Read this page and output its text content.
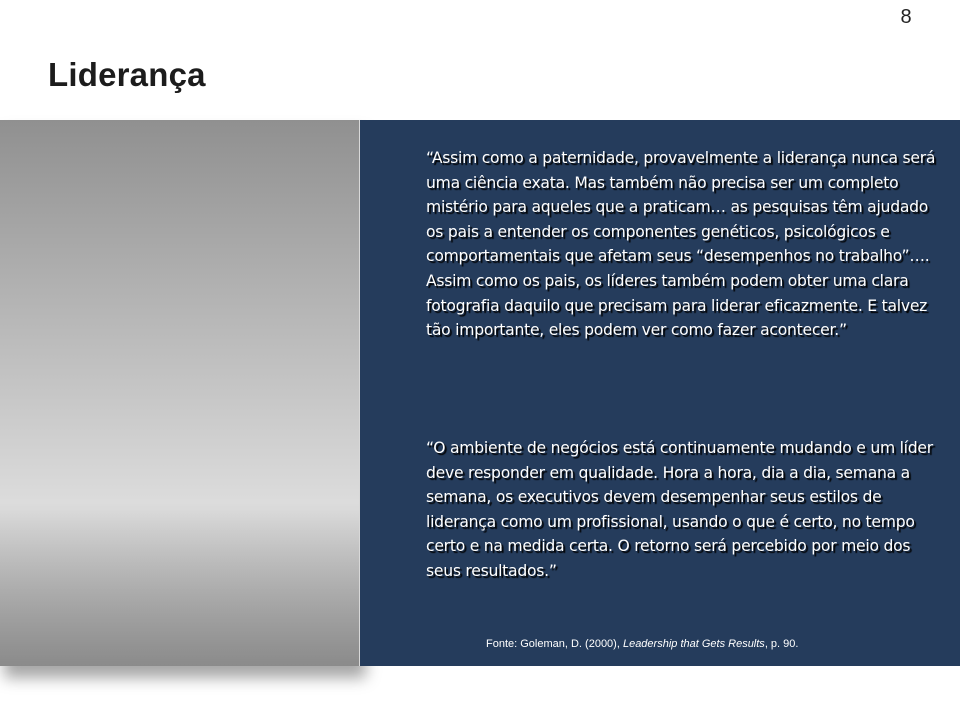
8
Liderança
“Assim como a paternidade, provavelmente a liderança nunca será uma ciência exata. Mas também não precisa ser um completo mistério para aqueles que a praticam… as pesquisas têm ajudado os pais a entender os componentes genéticos, psicológicos e comportamentais que afetam seus “desempenhos no trabalho”…. Assim como os pais, os líderes também podem obter uma clara fotografia daquilo que precisam para liderar eficazmente. E talvez tão importante, eles podem ver como fazer acontecer.”
“O ambiente de negócios está continuamente mudando e um líder deve responder em qualidade. Hora a hora, dia a dia, semana a semana, os executivos devem desempenhar seus estilos de liderança como um profissional, usando o que é certo, no tempo certo e na medida certa. O retorno será percebido por meio dos seus resultados.”
Fonte: Goleman, D. (2000), Leadership that Gets Results, p. 90.
